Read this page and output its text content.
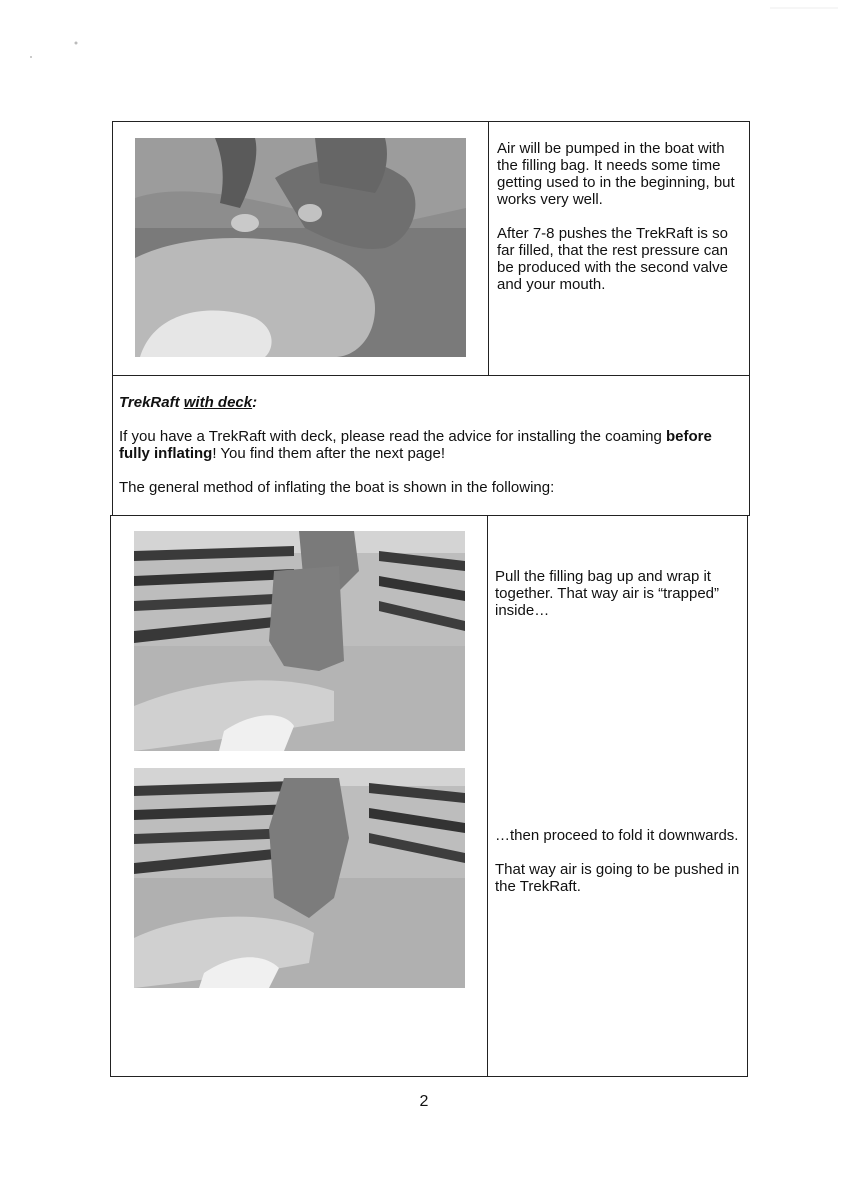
Air will be pumped in the boat with the filling bag. It needs some time getting used to in the beginning, but works very well.

After 7-8 pushes the TrekRaft is so far filled, that the rest pressure can be produced with the second valve and your mouth.

TrekRaft with deck:

If you have a TrekRaft with deck, please read the advice for installing the coaming before fully inflating! You find them after the next page!

The general method of inflating the boat is shown in the following:

Pull the filling bag up and wrap it together. That way air is “trapped” inside…

…then proceed to fold it downwards.

That way air is going to be pushed in the TrekRaft.

2
